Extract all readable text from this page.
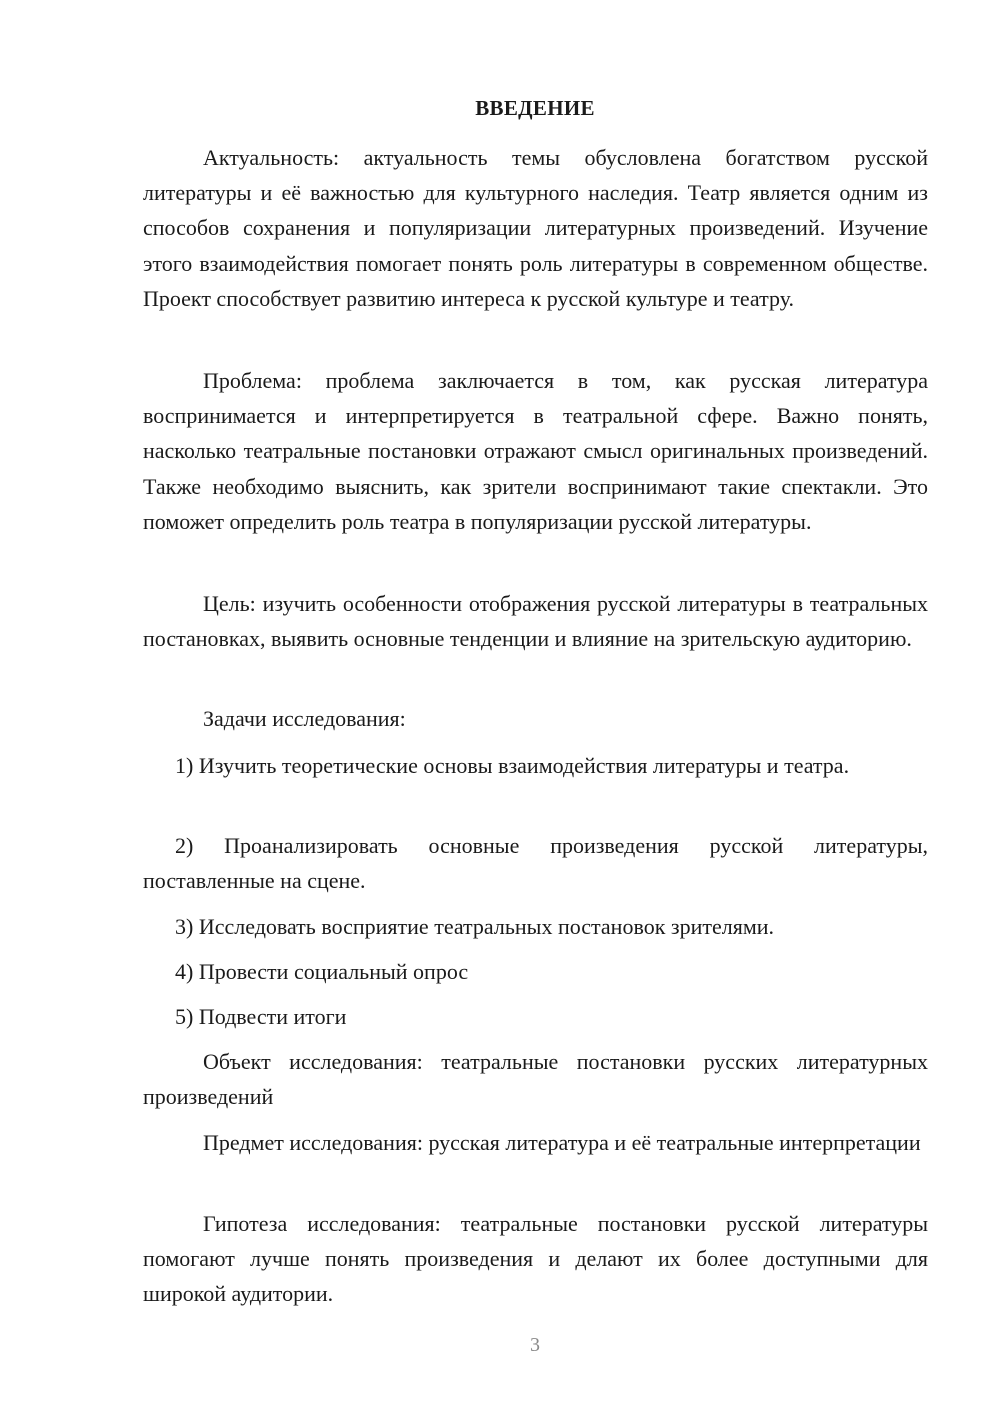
ВВЕДЕНИЕ

Актуальность: актуальность темы обусловлена богатством русской литературы и её важностью для культурного наследия. Театр является одним из способов сохранения и популяризации литературных произведений. Изучение этого взаимодействия помогает понять роль литературы в современном обществе. Проект способствует развитию интереса к русской культуре и театру.

Проблема: проблема заключается в том, как русская литература воспринимается и интерпретируется в театральной сфере. Важно понять, насколько театральные постановки отражают смысл оригинальных произведений. Также необходимо выяснить, как зрители воспринимают такие спектакли. Это поможет определить роль театра в популяризации русской литературы.

Цель: изучить особенности отображения русской литературы в театральных постановках, выявить основные тенденции и влияние на зрительскую аудиторию.

Задачи исследования:

1) Изучить теоретические основы взаимодействия литературы и театра.

2) Проанализировать основные произведения русской литературы, поставленные на сцене.

3) Исследовать восприятие театральных постановок зрителями.

4) Провести социальный опрос

5) Подвести итоги

Объект исследования: театральные постановки русских литературных произведений

Предмет исследования: русская литература и её театральные интерпретации

Гипотеза исследования: театральные постановки русской литературы помогают лучше понять произведения и делают их более доступными для широкой аудитории.

3
